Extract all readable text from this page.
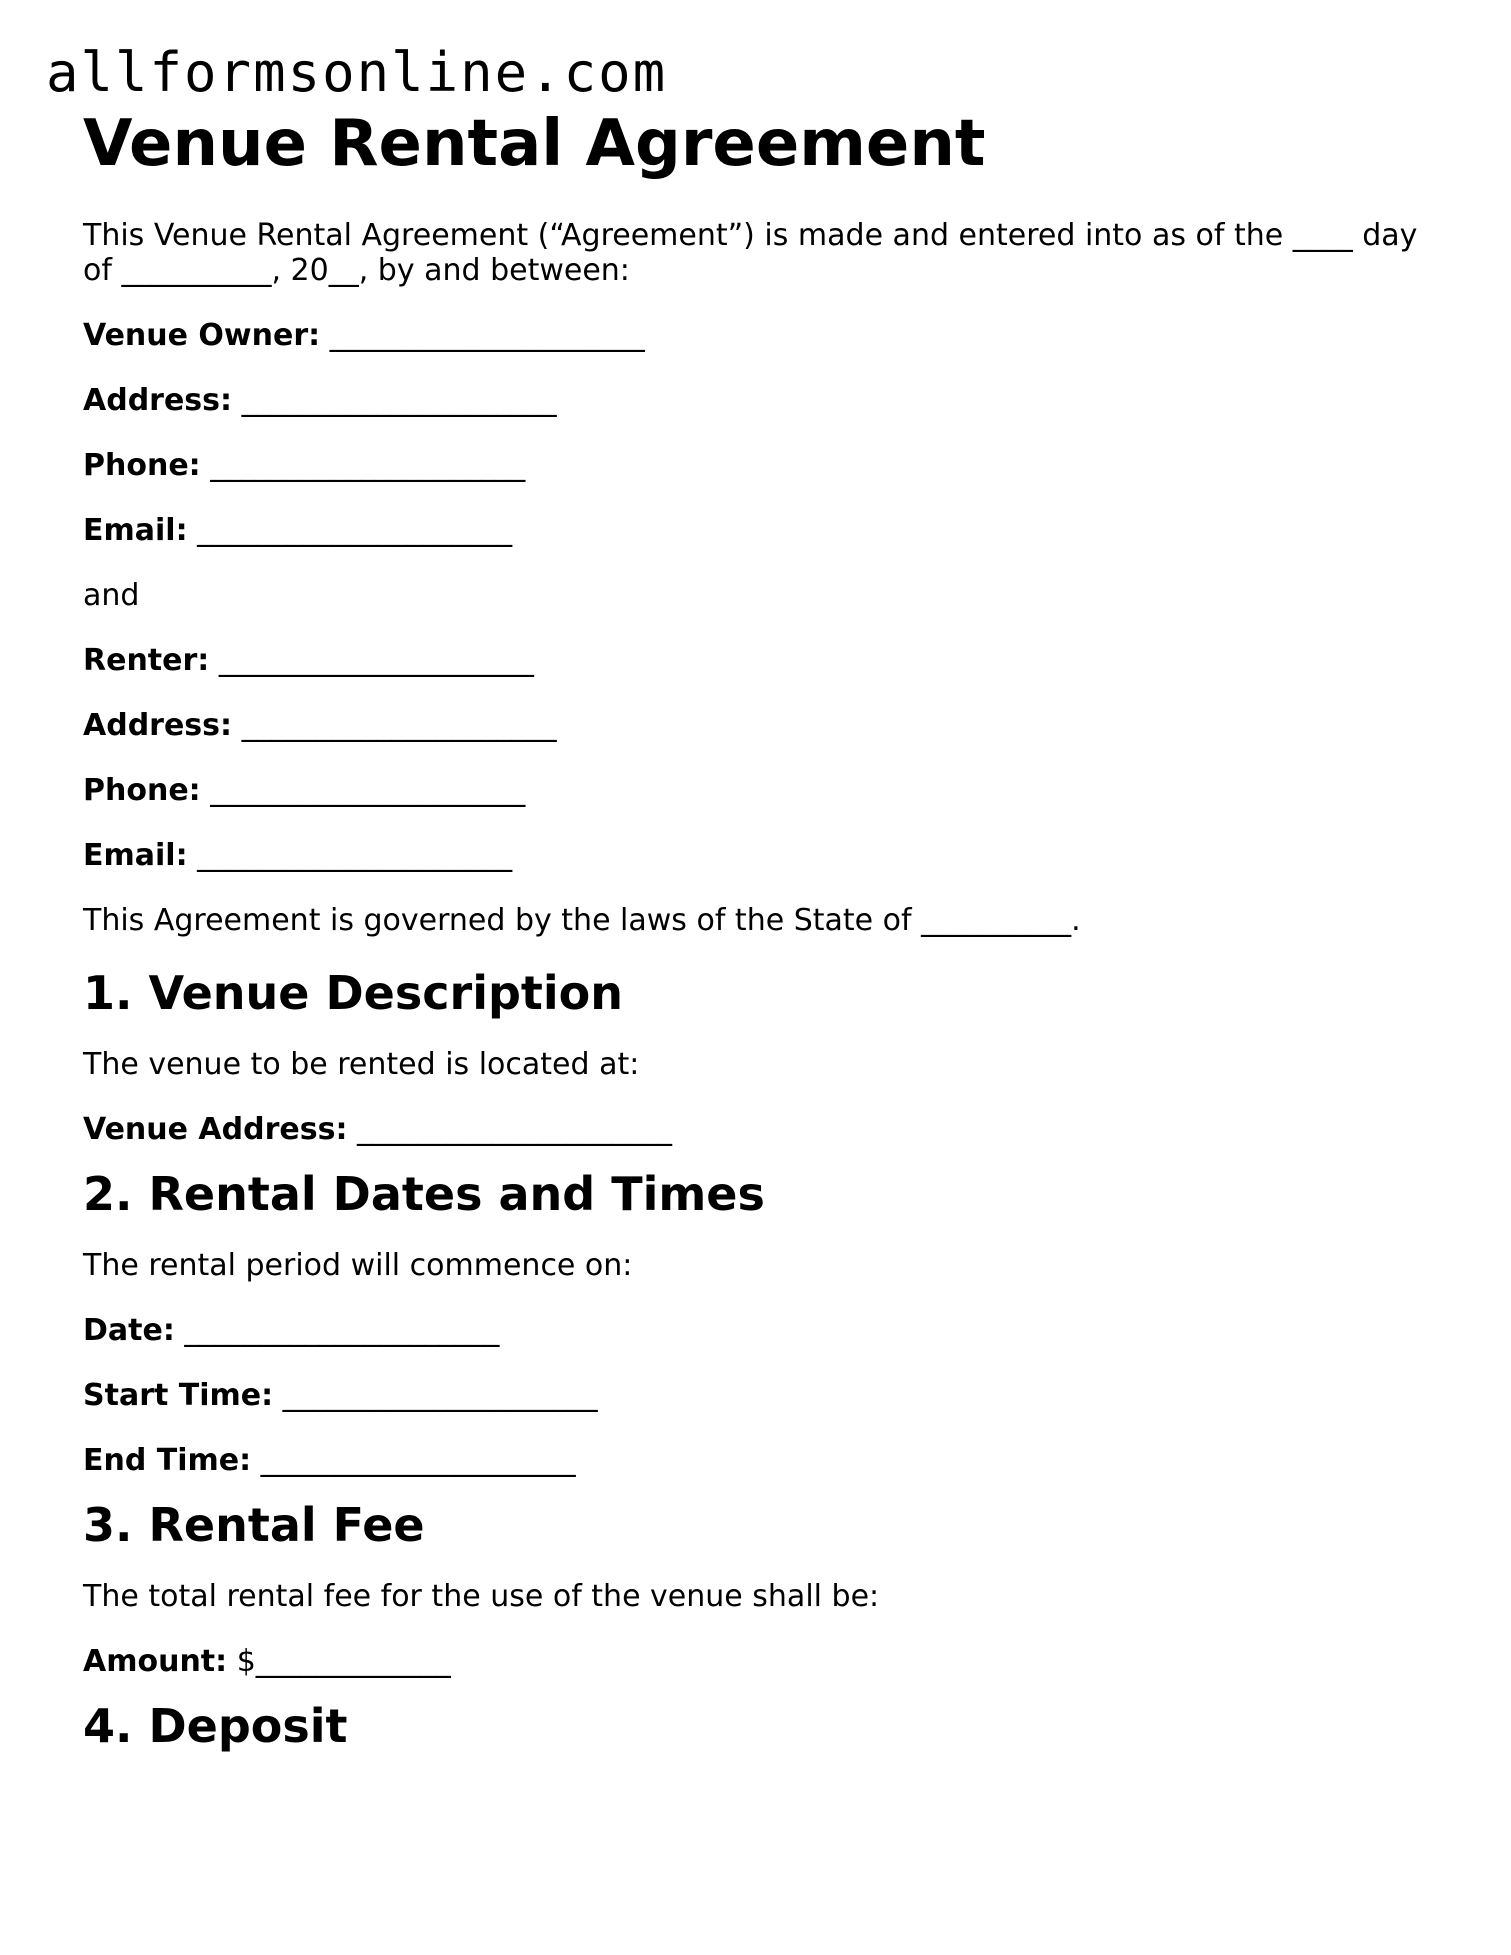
allformsonline.com
Venue Rental Agreement

This Venue Rental Agreement (“Agreement”) is made and entered into as of the ____ day of __________, 20__, by and between:

Venue Owner: _____________________
Address: _____________________
Phone: _____________________
Email: _____________________
and
Renter: _____________________
Address: _____________________
Phone: _____________________
Email: _____________________
This Agreement is governed by the laws of the State of __________.
1. Venue Description
The venue to be rented is located at:
Venue Address: _____________________
2. Rental Dates and Times
The rental period will commence on:
Date: _____________________
Start Time: _____________________
End Time: _____________________
3. Rental Fee
The total rental fee for the use of the venue shall be:
Amount: $_____________
4. Deposit
